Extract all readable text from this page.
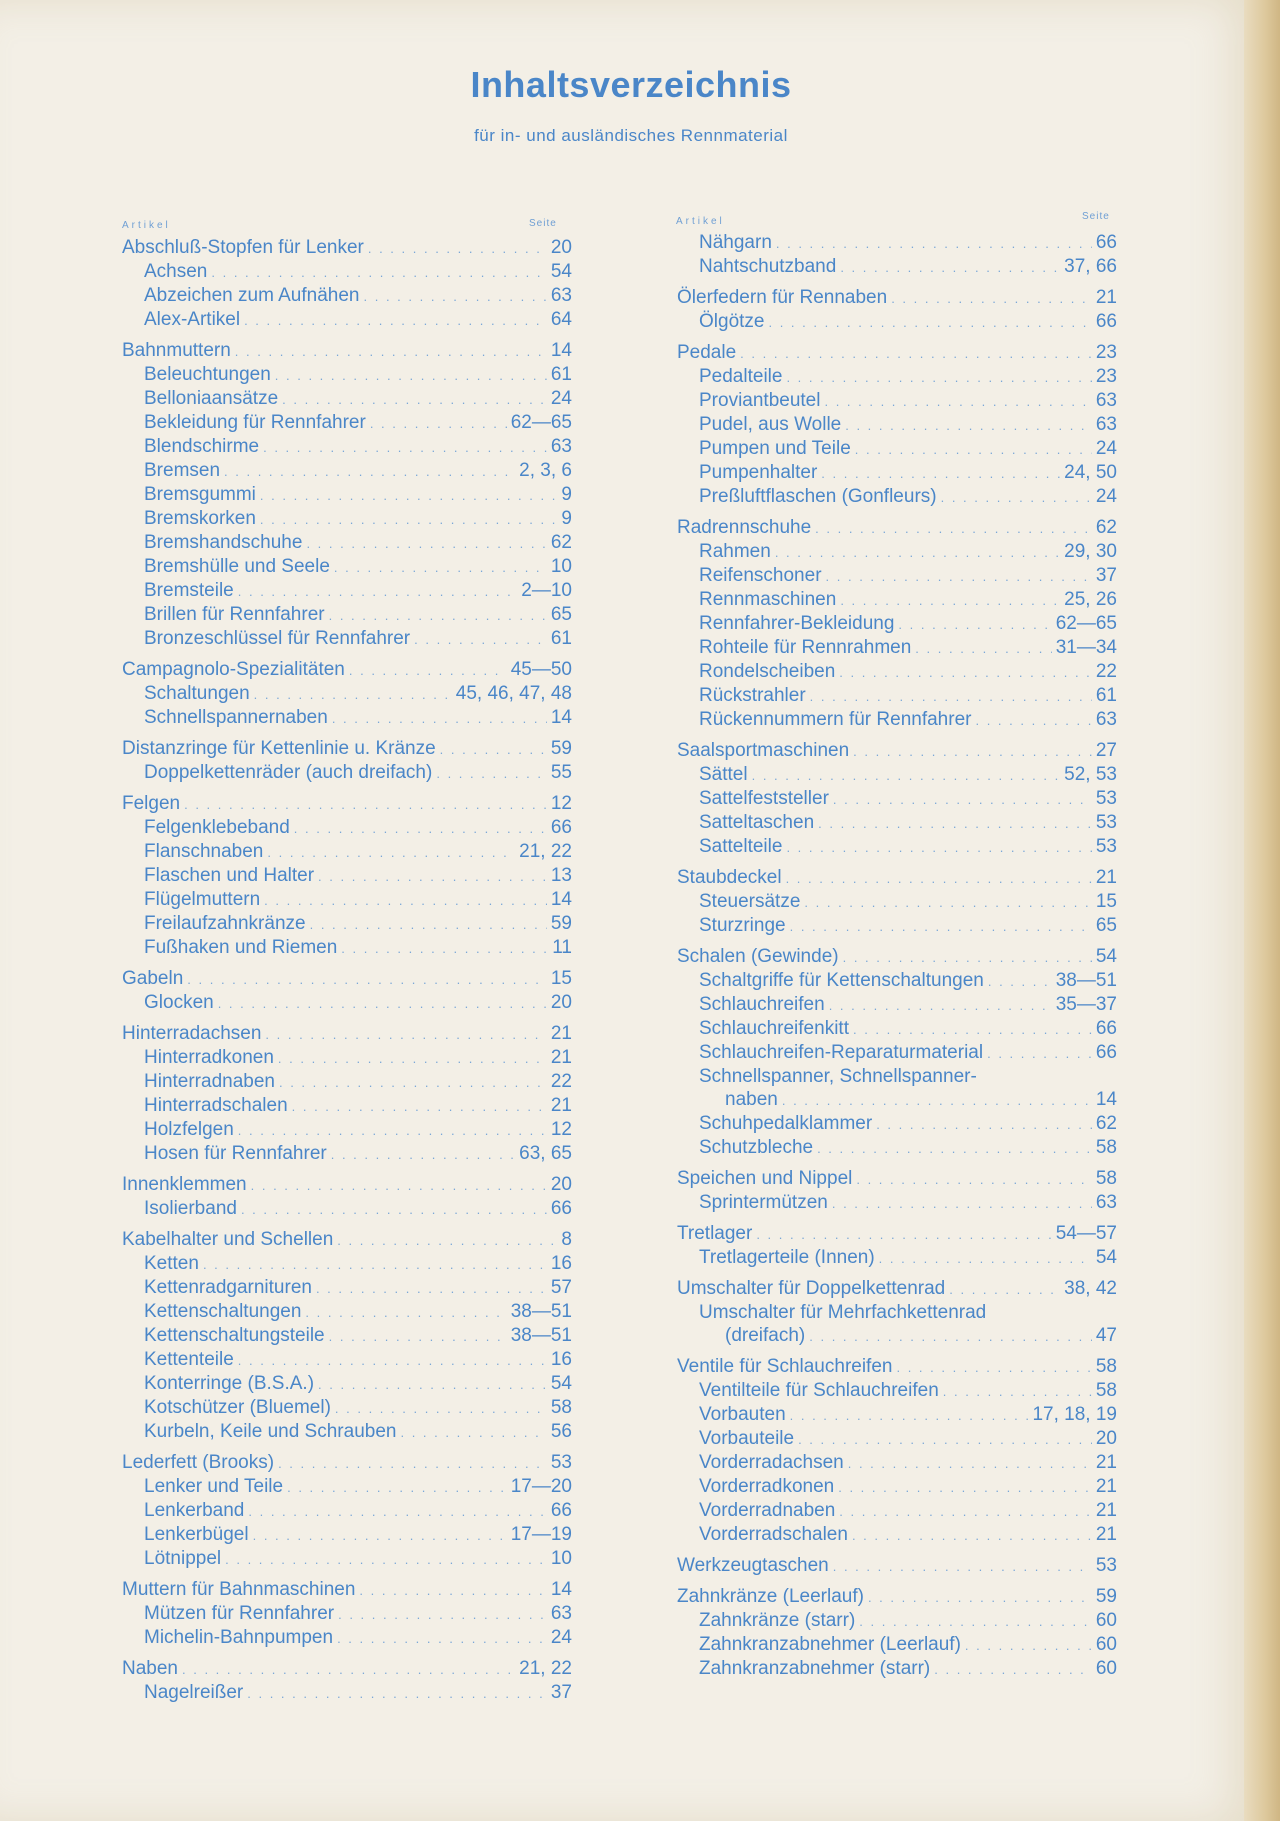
Inhaltsverzeichnis
für in- und ausländisches Rennmaterial
Artikel	Seite	Artikel	Seite
Abschluß-Stopfen für Lenker . . .	20
Achsen . . .	54
Abzeichen zum Aufnähen . . .	63
Alex-Artikel . . .	64
Bahnmuttern . . .	14
Beleuchtungen . . .	61
Belloniaansätze . . .	24
Bekleidung für Rennfahrer . . .	62—65
Blendschirme . . .	63
Bremsen . . .	2, 3, 6
Bremsgummi . . .	9
Bremskorken . . .	9
Bremshandschuhe . . .	62
Bremshülle und Seele . . .	10
Bremsteile . . .	2—10
Brillen für Rennfahrer . . .	65
Bronzeschlüssel für Rennfahrer . . .	61
Campagnolo-Spezialitäten . . .	45—50
Schaltungen . . .	45, 46, 47, 48
Schnellspannernaben . . .	14
Distanzringe für Kettenlinie u. Kränze . . .	59
Doppelkettenräder (auch dreifach) . . .	55
Felgen . . .	12
Felgenklebeband . . .	66
Flanschnaben . . .	21, 22
Flaschen und Halter . . .	13
Flügelmuttern . . .	14
Freilaufzahnkränze . . .	59
Fußhaken und Riemen . . .	11
Gabeln . . .	15
Glocken . . .	20
Hinterradachsen . . .	21
Hinterradkonen . . .	21
Hinterradnaben . . .	22
Hinterradschalen . . .	21
Holzfelgen . . .	12
Hosen für Rennfahrer . . .	63, 65
Innenklemmen . . .	20
Isolierband . . .	66
Kabelhalter und Schellen . . .	8
Ketten . . .	16
Kettenradgarnituren . . .	57
Kettenschaltungen . . .	38—51
Kettenschaltungsteile . . .	38—51
Kettenteile . . .	16
Konterringe (B.S.A.) . . .	54
Kotschützer (Bluemel) . . .	58
Kurbeln, Keile und Schrauben . . .	56
Lederfett (Brooks) . . .	53
Lenker und Teile . . .	17—20
Lenkerband . . .	66
Lenkerbügel . . .	17—19
Lötnippel . . .	10
Muttern für Bahnmaschinen . . .	14
Mützen für Rennfahrer . . .	63
Michelin-Bahnpumpen . . .	24
Naben . . .	21, 22
Nagelreißer . . .	37
Nähgarn . . .	66
Nahtschutzband . . .	37, 66
Ölerfedern für Rennaben . . .	21
Ölgötze . . .	66
Pedale . . .	23
Pedalteile . . .	23
Proviantbeutel . . .	63
Pudel, aus Wolle . . .	63
Pumpen und Teile . . .	24
Pumpenhalter . . .	24, 50
Preßluftflaschen (Gonfleurs) . . .	24
Radrennschuhe . . .	62
Rahmen . . .	29, 30
Reifenschoner . . .	37
Rennmaschinen . . .	25, 26
Rennfahrer-Bekleidung . . .	62—65
Rohteile für Rennrahmen . . .	31—34
Rondelscheiben . . .	22
Rückstrahler . . .	61
Rückennummern für Rennfahrer . . .	63
Saalsportmaschinen . . .	27
Sättel . . .	52, 53
Sattelfeststeller . . .	53
Satteltaschen . . .	53
Sattelteile . . .	53
Staubdeckel . . .	21
Steuersätze . . .	15
Sturzringe . . .	65
Schalen (Gewinde) . . .	54
Schaltgriffe für Kettenschaltungen . . .	38—51
Schlauchreifen . . .	35—37
Schlauchreifenkitt . . .	66
Schlauchreifen-Reparaturmaterial . . .	66
Schnellspanner, Schnellspanner-
naben . . .	14
Schuhpedalklammer . . .	62
Schutzbleche . . .	58
Speichen und Nippel . . .	58
Sprintermützen . . .	63
Tretlager . . .	54—57
Tretlagerteile (Innen) . . .	54
Umschalter für Doppelkettenrad . . .	38, 42
Umschalter für Mehrfachkettenrad
(dreifach) . . .	47
Ventile für Schlauchreifen . . .	58
Ventilteile für Schlauchreifen . . .	58
Vorbauten . . .	17, 18, 19
Vorbauteile . . .	20
Vorderradachsen . . .	21
Vorderradkonen . . .	21
Vorderradnaben . . .	21
Vorderradschalen . . .	21
Werkzeugtaschen . . .	53
Zahnkränze (Leerlauf) . . .	59
Zahnkränze (starr) . . .	60
Zahnkranzabnehmer (Leerlauf) . . .	60
Zahnkranzabnehmer (starr) . . .	60
